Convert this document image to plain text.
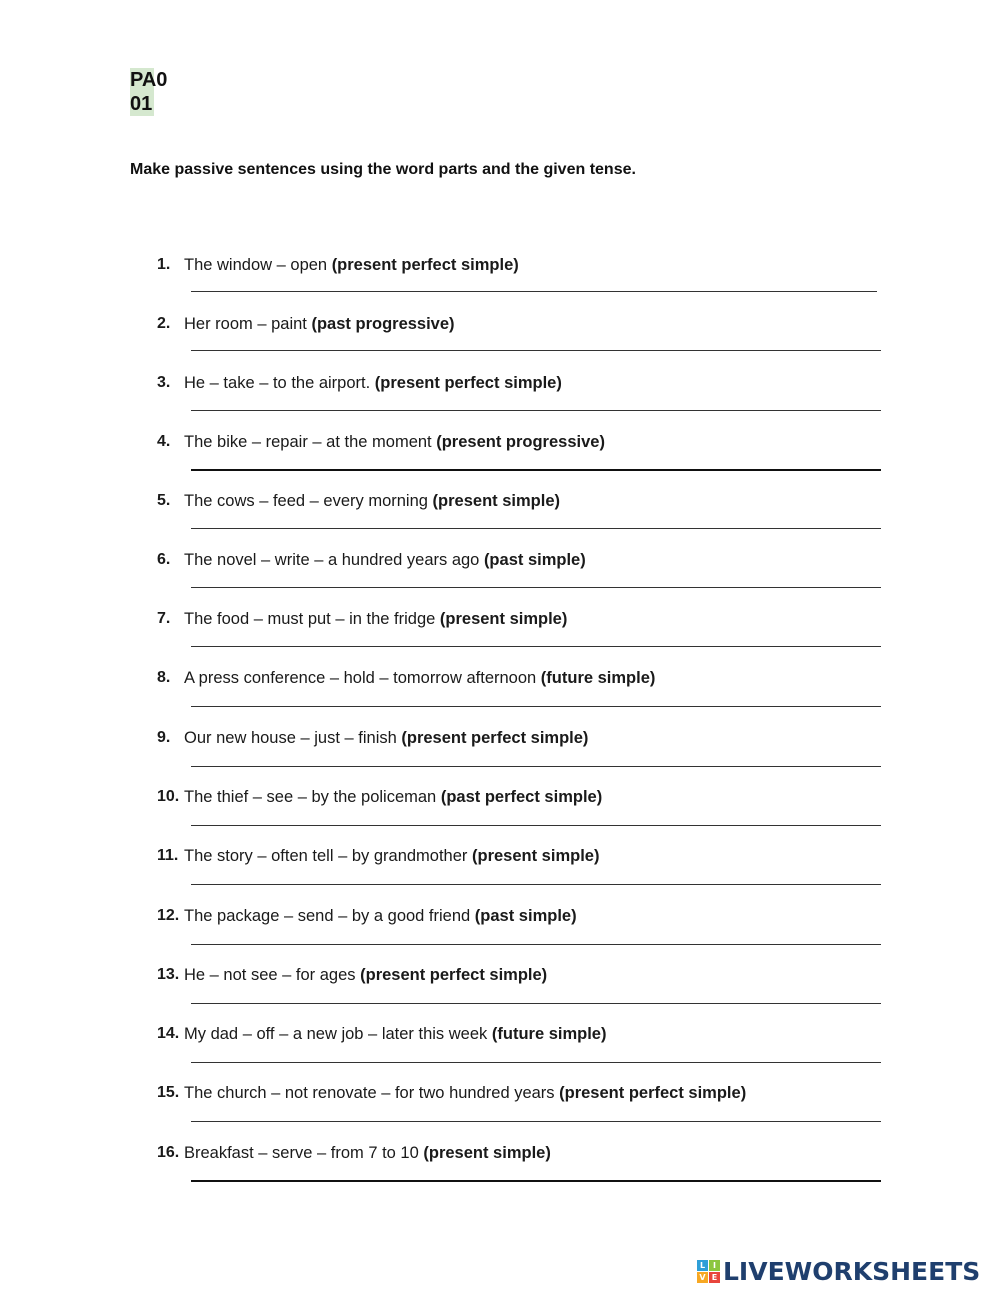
PA0
01
Make passive sentences using the word parts and the given tense.
1. The window – open (present perfect simple)
2. Her room – paint (past progressive)
3. He – take – to the airport. (present perfect simple)
4. The bike – repair – at the moment (present progressive)
5. The cows – feed – every morning (present simple)
6. The novel – write – a hundred years ago (past simple)
7. The food – must put – in the fridge (present simple)
8. A press conference – hold – tomorrow afternoon (future simple)
9. Our new house – just – finish (present perfect simple)
10. The thief – see – by the policeman (past perfect simple)
11. The story – often tell – by grandmother (present simple)
12. The package – send – by a good friend (past simple)
13. He – not see – for ages (present perfect simple)
14. My dad – off – a new job – later this week (future simple)
15. The church – not renovate – for two hundred years (present perfect simple)
16. Breakfast – serve – from 7 to 10 (present simple)
L I
V E LIVEWORKSHEETS
